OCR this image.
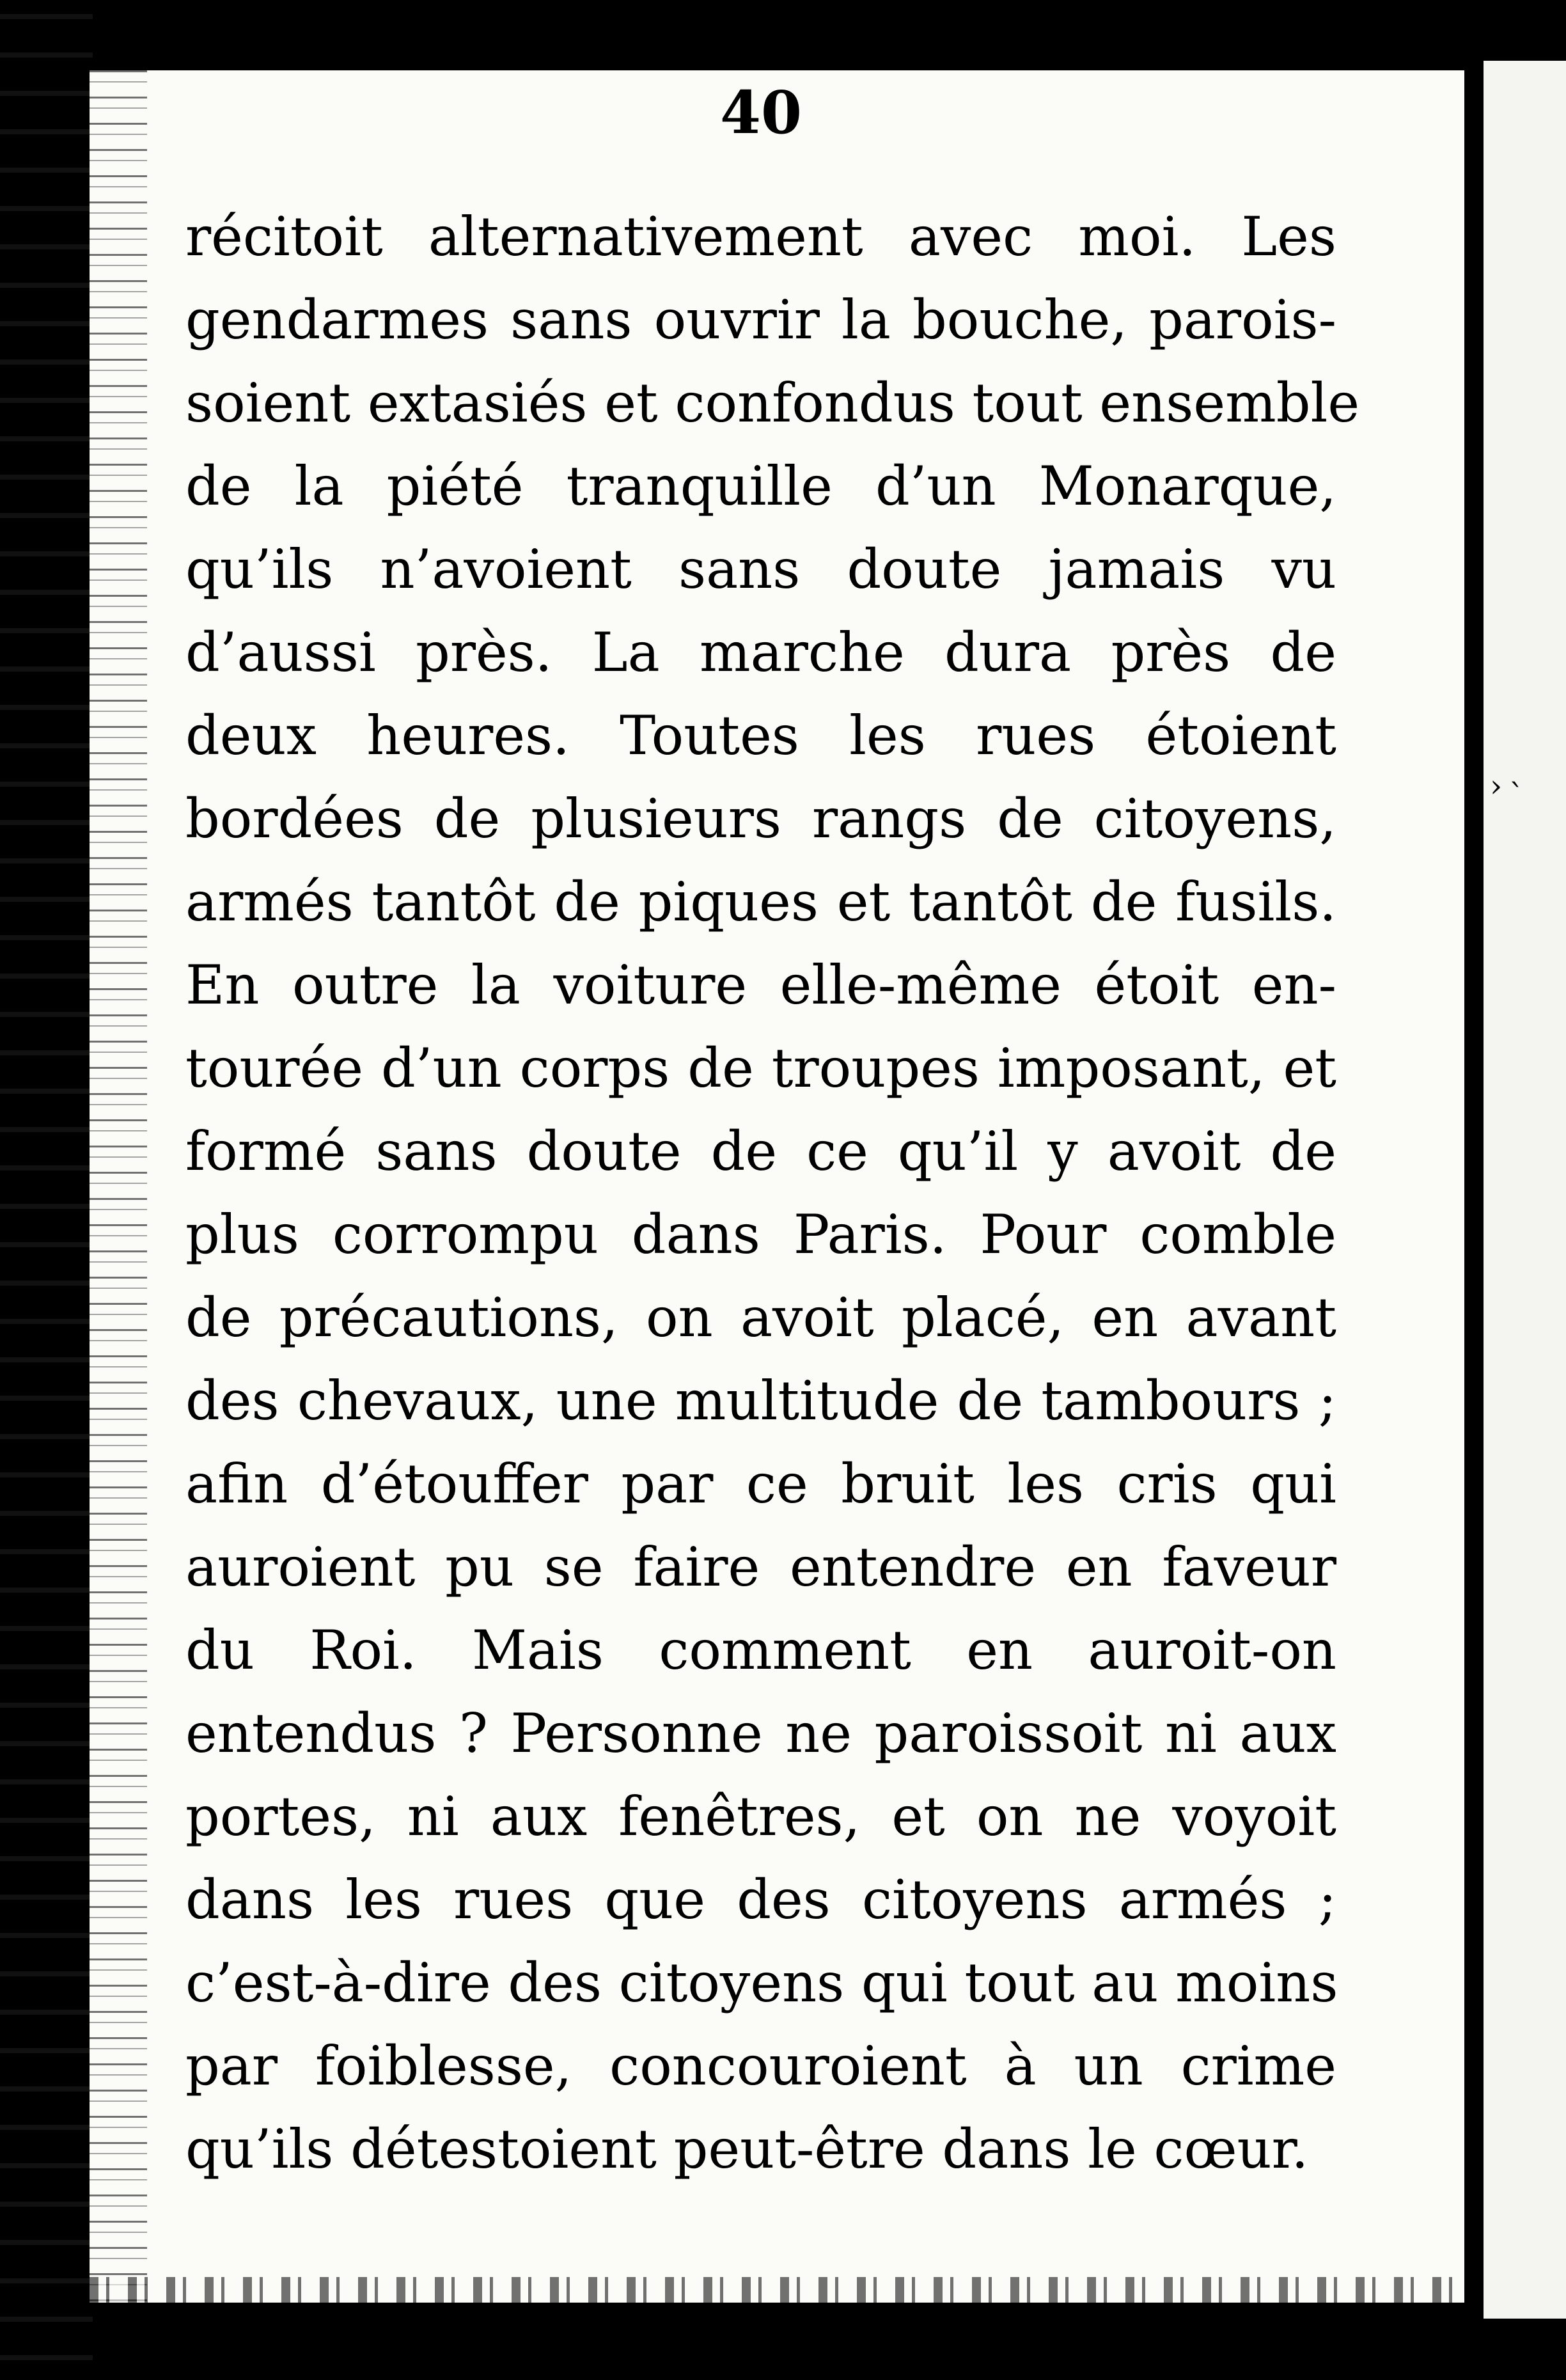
› `
40
récitoit alternativement avec moi. Les
gendarmes sans ouvrir la bouche, parois-
soient extasiés et confondus tout ensemble
de la piété tranquille d’un Monarque,
qu’ils n’avoient sans doute jamais vu
d’aussi près. La marche dura près de
deux heures. Toutes les rues étoient
bordées de plusieurs rangs de citoyens,
armés tantôt de piques et tantôt de fusils.
En outre la voiture elle-même étoit en-
tourée d’un corps de troupes imposant, et
formé sans doute de ce qu’il y avoit de
plus corrompu dans Paris. Pour comble
de précautions, on avoit placé, en avant
des chevaux, une multitude de tambours ;
afin d’étouffer par ce bruit les cris qui
auroient pu se faire entendre en faveur
du Roi. Mais comment en auroit-on
entendus ? Personne ne paroissoit ni aux
portes, ni aux fenêtres, et on ne voyoit
dans les rues que des citoyens armés ;
c’est-à-dire des citoyens qui tout au moins
par foiblesse, concouroient à un crime
qu’ils détestoient peut-être dans le cœur.
